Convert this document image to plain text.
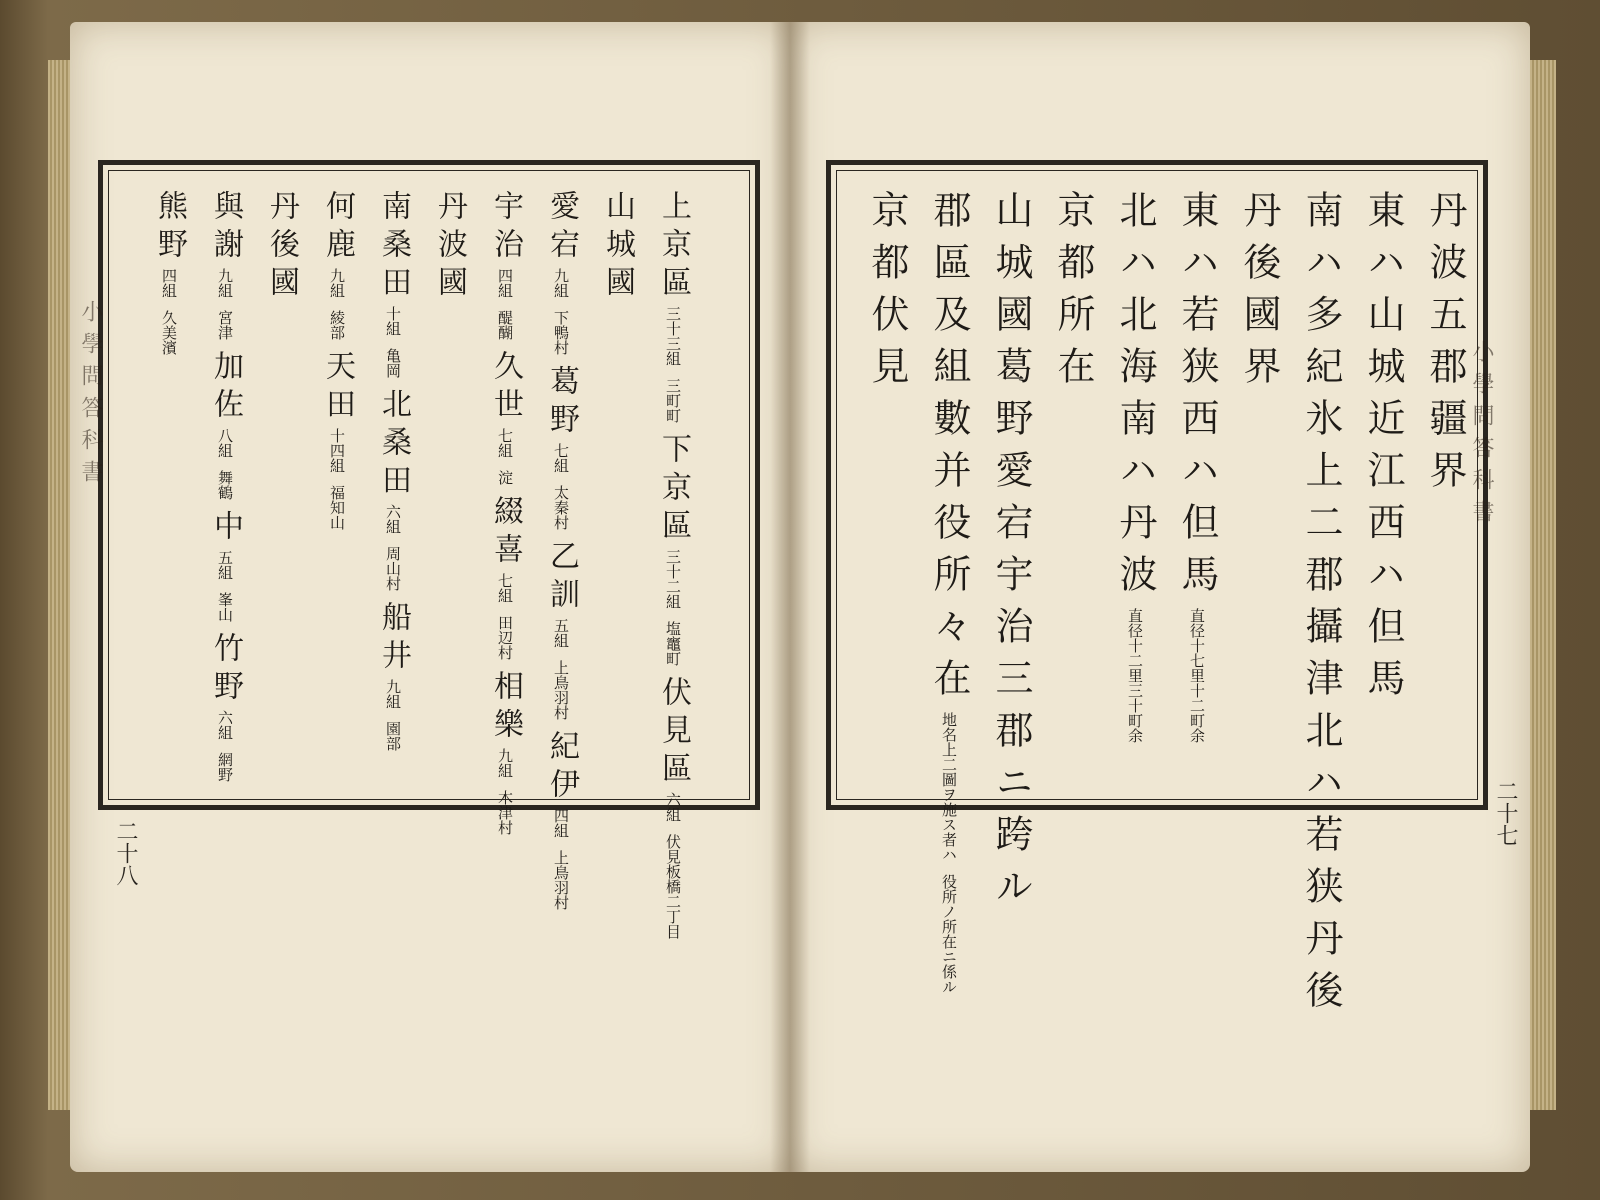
上京區三十三組三町町下京區三十二組塩竈町伏見區六組伏見板橋二丁目
山城國
愛宕九組下鴨村葛野七組太秦村乙訓五組上鳥羽村紀伊四組上鳥羽村
宇治四組醍醐久世七組淀綴喜七組田辺村相樂九組木津村
丹波國
南桑田十組亀岡北桑田六組周山村船井九組園部
何鹿九組綾部天田十四組福知山
丹後國
與謝九組宮津加佐八組舞鶴中五組峯山竹野六組網野
熊野四組久美濱	丹波五郡疆界
東ハ山城近江西ハ但馬
南ハ多紀氷上二郡攝津北ハ若狭丹後
丹後國界
東ハ若狭西ハ但馬直径十七里十二町余
北ハ北海南ハ丹波直径十二里三十町余
京都所在
山城國葛野愛宕宇治三郡ニ跨ル
郡區及組數并役所々在地名上二圖ヲ施ス者ハ役所ノ所在ニ係ル
京都伏見
小學問答科書	小學問答科書
二十八
二十七
